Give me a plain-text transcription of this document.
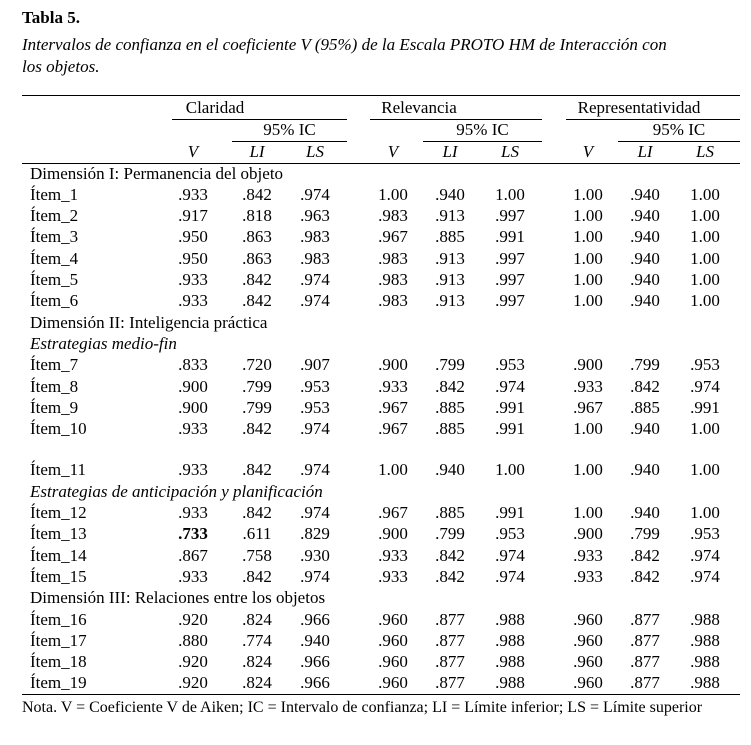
Tabla 5.
Intervalos de confianza en el coeficiente V (95%) de la Escala PROTO HM de Interacción con
los objetos.
Claridad
95% IC
V	LI LS
Relevancia
95% IC
V	LI	LS
Representatividad
95% IC
V	LI	LS
Dimensión I: Permanencia del objeto
Ítem_1	.933 .842 .974	1.00 .940 1.00	1.00 .940 1.00
Ítem_2	.917 .818 .963	.983 .913 .997	1.00 .940 1.00
Ítem_3	.950 .863 .983	.967 .885 .991	1.00 .940 1.00
Ítem_4	.950 .863 .983	.983 .913 .997	1.00 .940 1.00
Ítem_5	.933 .842 .974	.983 .913 .997	1.00 .940 1.00
Ítem_6	.933 .842 .974	.983 .913 .997	1.00 .940 1.00
Dimensión II: Inteligencia práctica
Estrategias medio-fin
Ítem_7	.833 .720 .907	.900 .799 .953	.900 .799 .953
Ítem_8	.900 .799 .953	.933 .842 .974	.933 .842 .974
Ítem_9	.900 .799 .953	.967 .885 .991	.967 .885 .991
Ítem_10	.933 .842 .974	.967 .885 .991	1.00 .940 1.00
Ítem_11	.933 .842 .974	1.00 .940 1.00	1.00 .940 1.00
Estrategias de anticipación y planificación
Ítem_12	.933 .842 .974	.967 .885 .991	1.00 .940 1.00
Ítem_13	.733 .611 .829	.900 .799 .953	.900 .799 .953
Ítem_14	.867 .758 .930	.933 .842 .974	.933 .842 .974
Ítem_15	.933 .842 .974	.933 .842 .974	.933 .842 .974
Dimensión III: Relaciones entre los objetos
Ítem_16	.920 .824 .966	.960 .877 .988	.960 .877 .988
Ítem_17	.880 .774 .940	.960 .877 .988	.960 .877 .988
Ítem_18	.920 .824 .966	.960 .877 .988	.960 .877 .988
Ítem_19	.920 .824 .966	.960 .877 .988	.960 .877 .988
Nota. V = Coeficiente V de Aiken; IC = Intervalo de confianza; LI = Límite inferior; LS = Límite superior
